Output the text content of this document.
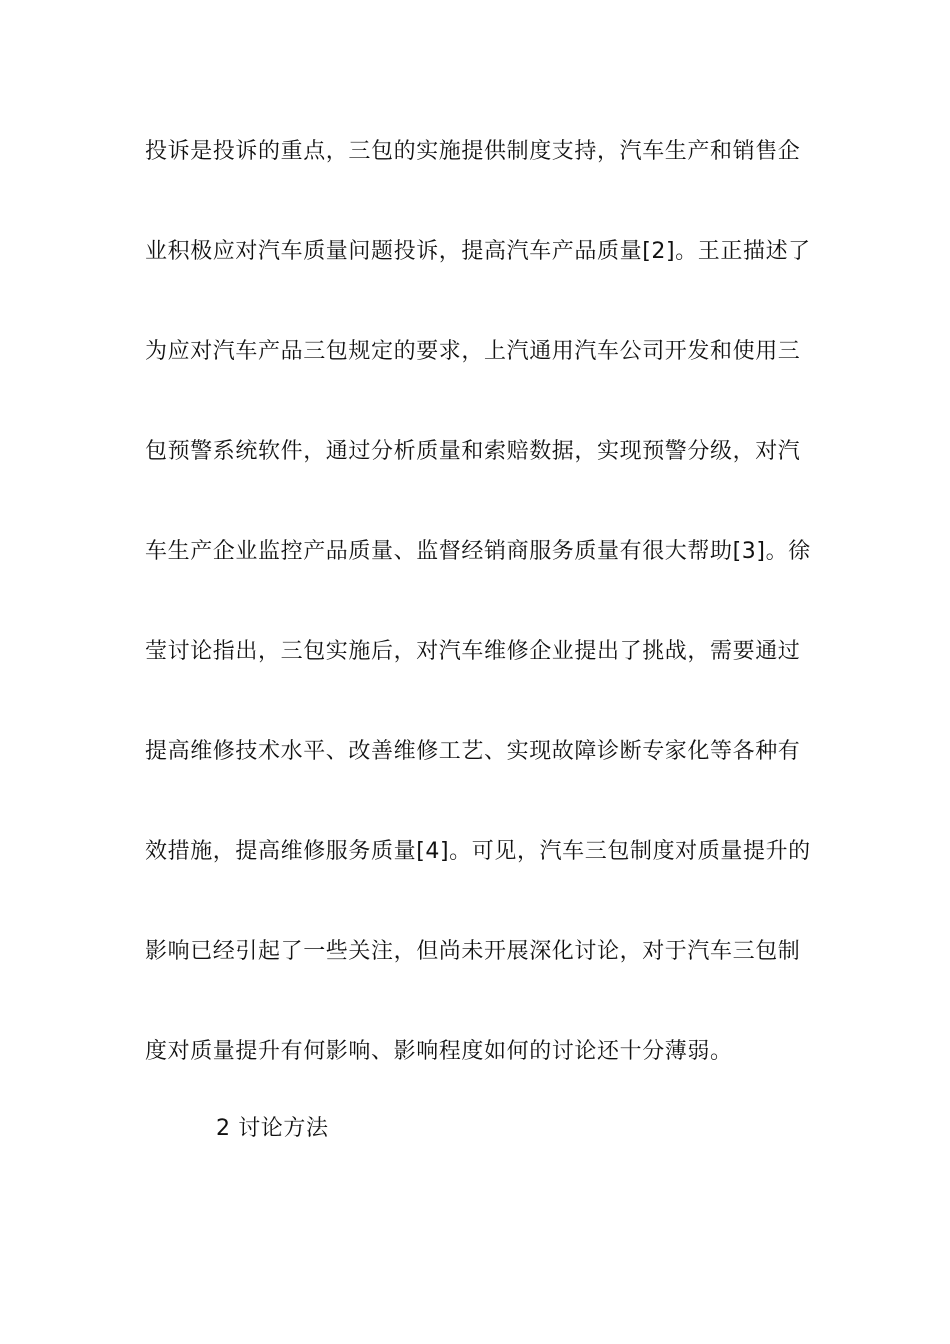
投诉是投诉的重点，三包的实施提供制度支持，汽车生产和销售企
业积极应对汽车质量问题投诉，提高汽车产品质量[2]。王正描述了
为应对汽车产品三包规定的要求，上汽通用汽车公司开发和使用三
包预警系统软件，通过分析质量和索赔数据，实现预警分级，对汽
车生产企业监控产品质量、监督经销商服务质量有很大帮助[3]。徐
莹讨论指出，三包实施后，对汽车维修企业提出了挑战，需要通过
提高维修技术水平、改善维修工艺、实现故障诊断专家化等各种有
效措施，提高维修服务质量[4]。可见，汽车三包制度对质量提升的
影响已经引起了一些关注，但尚未开展深化讨论，对于汽车三包制
度对质量提升有何影响、影响程度如何的讨论还十分薄弱。
2 讨论方法
